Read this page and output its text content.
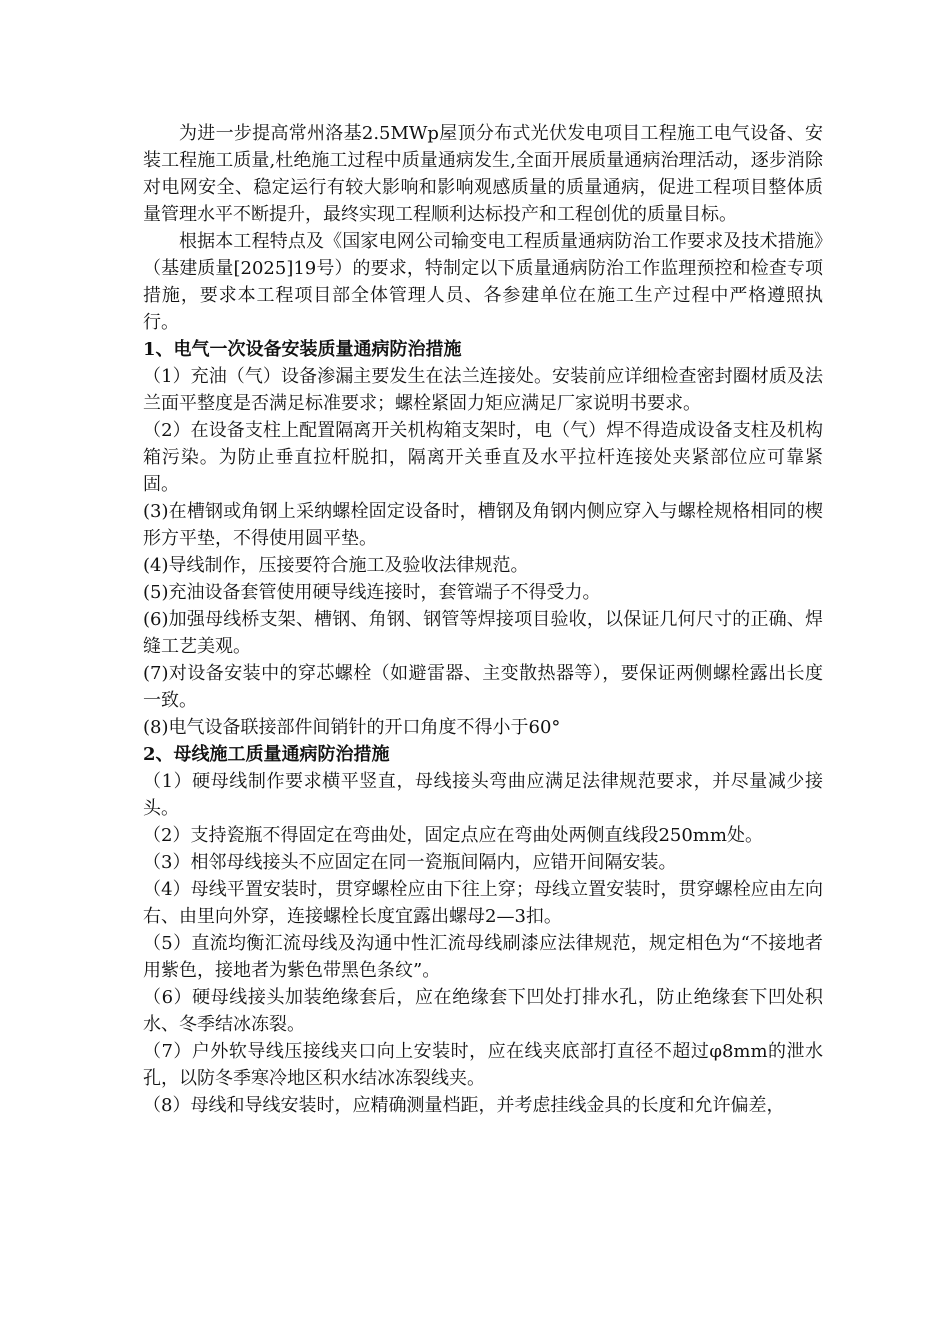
为进一步提高常州洛基2.5MWp屋顶分布式光伏发电项目工程施工电气设备、安装工程施工质量,杜绝施工过程中质量通病发生,全面开展质量通病治理活动，逐步消除对电网安全、稳定运行有较大影响和影响观感质量的质量通病，促进工程项目整体质量管理水平不断提升，最终实现工程顺利达标投产和工程创优的质量目标。

根据本工程特点及《国家电网公司输变电工程质量通病防治工作要求及技术措施》（基建质量[2025]19号）的要求，特制定以下质量通病防治工作监理预控和检查专项措施，要求本工程项目部全体管理人员、各参建单位在施工生产过程中严格遵照执行。

1、电气一次设备安装质量通病防治措施

（1）充油（气）设备渗漏主要发生在法兰连接处。安装前应详细检查密封圈材质及法兰面平整度是否满足标准要求；螺栓紧固力矩应满足厂家说明书要求。

（2）在设备支柱上配置隔离开关机构箱支架时，电（气）焊不得造成设备支柱及机构箱污染。为防止垂直拉杆脱扣，隔离开关垂直及水平拉杆连接处夹紧部位应可靠紧固。

(3)在槽钢或角钢上采纳螺栓固定设备时，槽钢及角钢内侧应穿入与螺栓规格相同的楔形方平垫，不得使用圆平垫。

(4)导线制作，压接要符合施工及验收法律规范。

(5)充油设备套管使用硬导线连接时，套管端子不得受力。

(6)加强母线桥支架、槽钢、角钢、钢管等焊接项目验收，以保证几何尺寸的正确、焊缝工艺美观。

(7)对设备安装中的穿芯螺栓（如避雷器、主变散热器等），要保证两侧螺栓露出长度一致。

(8)电气设备联接部件间销针的开口角度不得小于60°

2、母线施工质量通病防治措施

（1）硬母线制作要求横平竖直，母线接头弯曲应满足法律规范要求，并尽量减少接头。

（2）支持瓷瓶不得固定在弯曲处，固定点应在弯曲处两侧直线段250mm处。

（3）相邻母线接头不应固定在同一瓷瓶间隔内，应错开间隔安装。

（4）母线平置安装时，贯穿螺栓应由下往上穿；母线立置安装时，贯穿螺栓应由左向右、由里向外穿，连接螺栓长度宜露出螺母2—3扣。

（5）直流均衡汇流母线及沟通中性汇流母线刷漆应法律规范，规定相色为“不接地者用紫色，接地者为紫色带黑色条纹”。

（6）硬母线接头加装绝缘套后，应在绝缘套下凹处打排水孔，防止绝缘套下凹处积水、冬季结冰冻裂。

（7）户外软导线压接线夹口向上安装时，应在线夹底部打直径不超过φ8mm的泄水孔，以防冬季寒冷地区积水结冰冻裂线夹。

（8）母线和导线安装时，应精确测量档距，并考虑挂线金具的长度和允许偏差，
